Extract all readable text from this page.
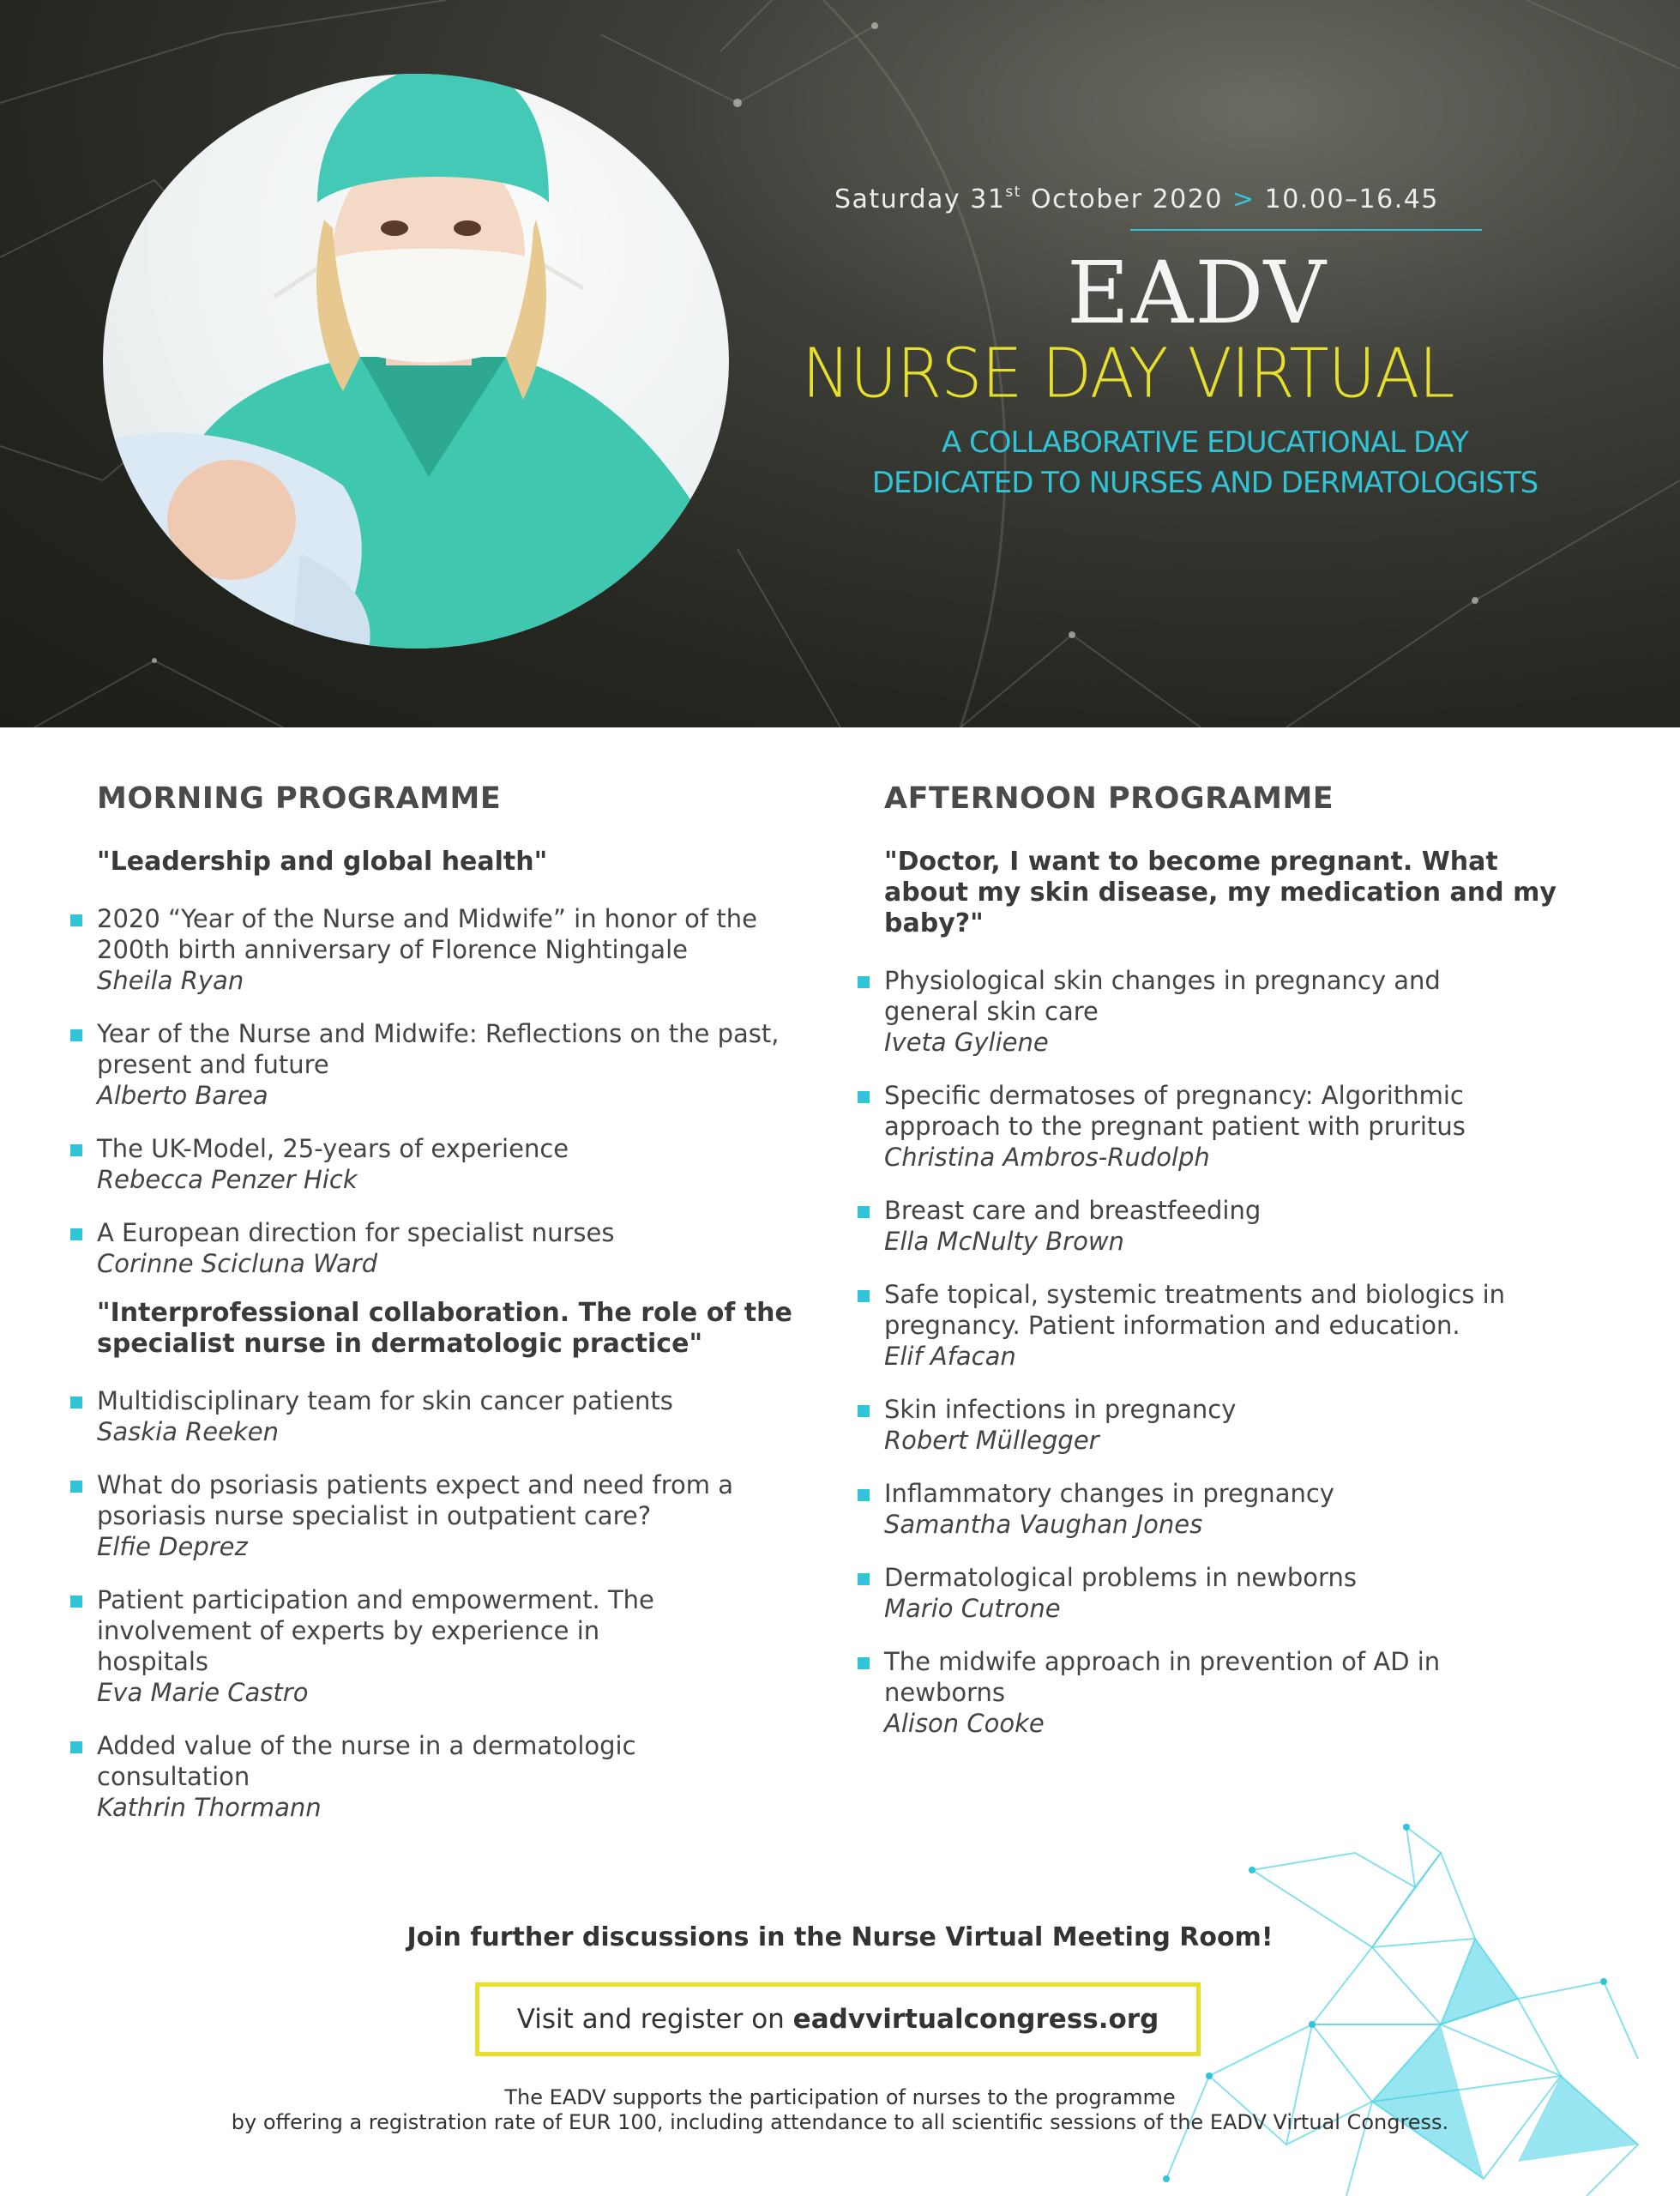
Saturday 31st October 2020 > 10.00–16.45
EADV
NURSE DAY VIRTUAL
A COLLABORATIVE EDUCATIONAL DAY
DEDICATED TO NURSES AND DERMATOLOGISTS
MORNING PROGRAMME
"Leadership and global health"
2020 “Year of the Nurse and Midwife” in honor of the 200th birth anniversary of Florence Nightingale
Sheila Ryan
Year of the Nurse and Midwife: Reflections on the past, present and future
Alberto Barea
The UK-Model, 25-years of experience
Rebecca Penzer Hick
A European direction for specialist nurses
Corinne Scicluna Ward
"Interprofessional collaboration. The role of the specialist nurse in dermatologic practice"
Multidisciplinary team for skin cancer patients
Saskia Reeken
What do psoriasis patients expect and need from a psoriasis nurse specialist in outpatient care?
Elfie Deprez
Patient participation and empowerment. The involvement of experts by experience in hospitals
Eva Marie Castro
Added value of the nurse in a dermatologic consultation
Kathrin Thormann
AFTERNOON PROGRAMME
"Doctor, I want to become pregnant. What about my skin disease, my medication and my baby?"
Physiological skin changes in pregnancy and general skin care
Iveta Gyliene
Specific dermatoses of pregnancy: Algorithmic approach to the pregnant patient with pruritus
Christina Ambros-Rudolph
Breast care and breastfeeding
Ella McNulty Brown
Safe topical, systemic treatments and biologics in pregnancy. Patient information and education.
Elif Afacan
Skin infections in pregnancy
Robert Müllegger
Inflammatory changes in pregnancy
Samantha Vaughan Jones
Dermatological problems in newborns
Mario Cutrone
The midwife approach in prevention of AD in newborns
Alison Cooke
Join further discussions in the Nurse Virtual Meeting Room!
Visit and register on eadvvirtualcongress.org
The EADV supports the participation of nurses to the programme
by offering a registration rate of EUR 100, including attendance to all scientific sessions of the EADV Virtual Congress.
